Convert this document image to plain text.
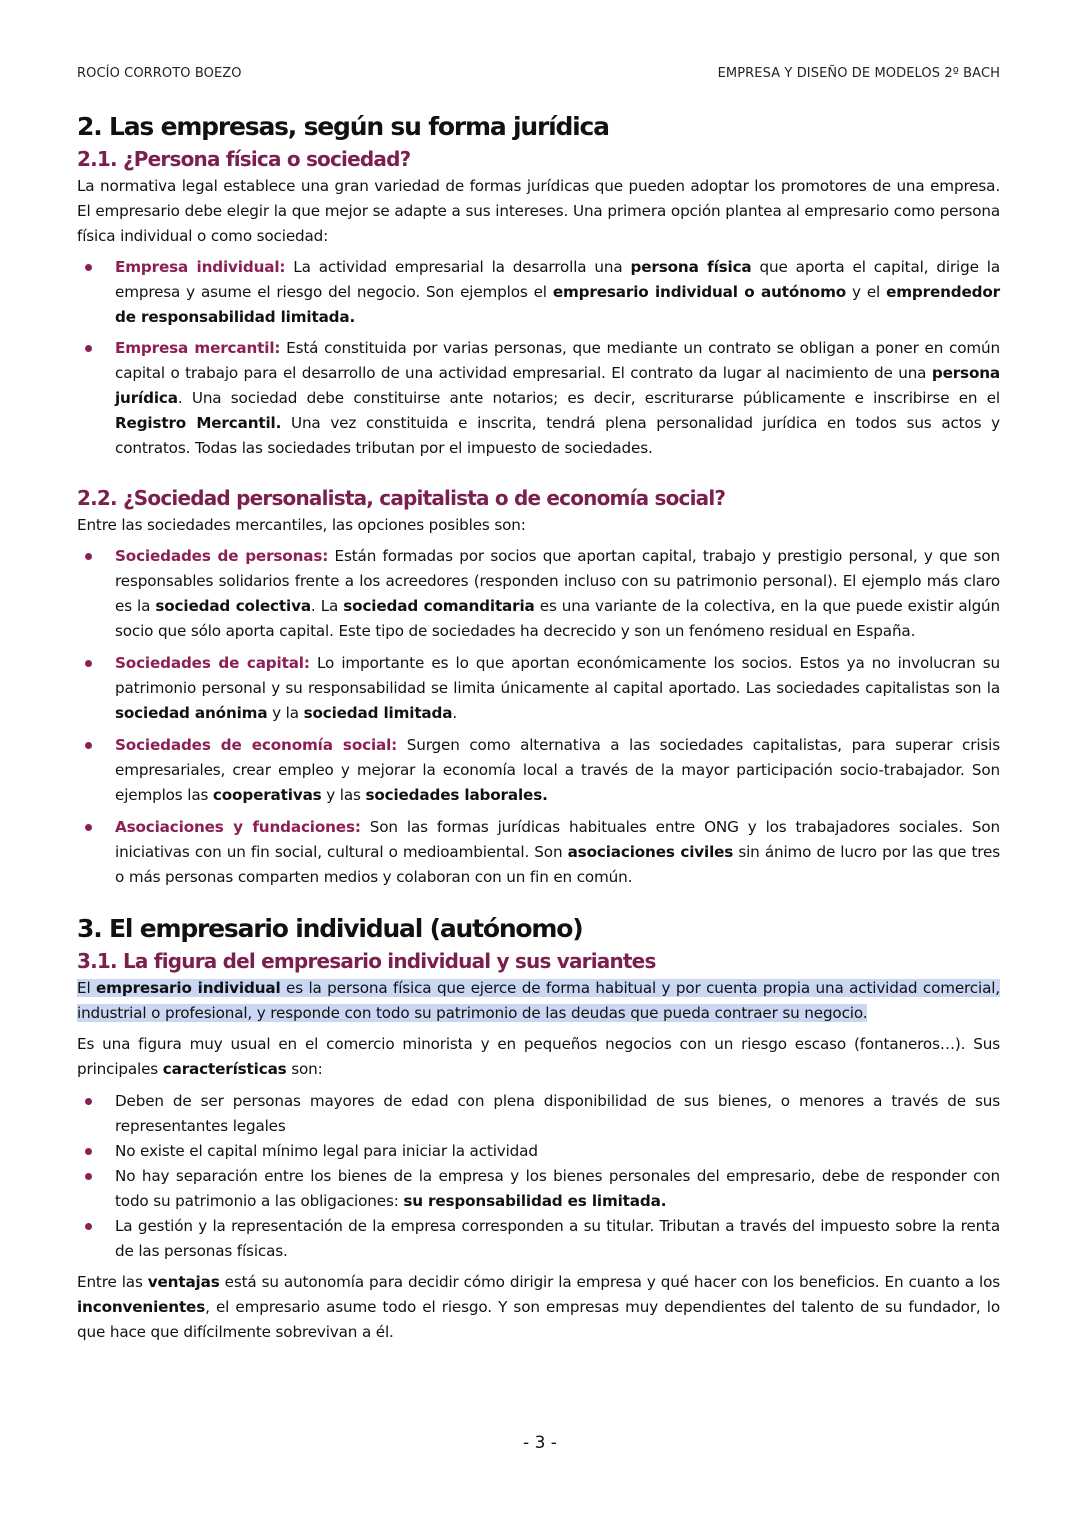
ROCÍO CORROTO BOEZO	EMPRESA Y DISEÑO DE MODELOS 2º BACH
2. Las empresas, según su forma jurídica
2.1. ¿Persona física o sociedad?

La normativa legal establece una gran variedad de formas jurídicas que pueden adoptar los promotores de una empresa. El empresario debe elegir la que mejor se adapte a sus intereses. Una primera opción plantea al empresario como persona física individual o como sociedad:

Empresa individual: La actividad empresarial la desarrolla una persona física que aporta el capital, dirige la empresa y asume el riesgo del negocio. Son ejemplos el empresario individual o autónomo y el emprendedor de responsabilidad limitada.
Empresa mercantil: Está constituida por varias personas, que mediante un contrato se obligan a poner en común capital o trabajo para el desarrollo de una actividad empresarial. El contrato da lugar al nacimiento de una persona jurídica. Una sociedad debe constituirse ante notarios; es decir, escriturarse públicamente e inscribirse en el Registro Mercantil. Una vez constituida e inscrita, tendrá plena personalidad jurídica en todos sus actos y contratos. Todas las sociedades tributan por el impuesto de sociedades.
2.2. ¿Sociedad personalista, capitalista o de economía social?

Entre las sociedades mercantiles, las opciones posibles son:

Sociedades de personas: Están formadas por socios que aportan capital, trabajo y prestigio personal, y que son responsables solidarios frente a los acreedores (responden incluso con su patrimonio personal). El ejemplo más claro es la sociedad colectiva. La sociedad comanditaria es una variante de la colectiva, en la que puede existir algún socio que sólo aporta capital. Este tipo de sociedades ha decrecido y son un fenómeno residual en España.
Sociedades de capital: Lo importante es lo que aportan económicamente los socios. Estos ya no involucran su patrimonio personal y su responsabilidad se limita únicamente al capital aportado. Las sociedades capitalistas son la sociedad anónima y la sociedad limitada.
Sociedades de economía social: Surgen como alternativa a las sociedades capitalistas, para superar crisis empresariales, crear empleo y mejorar la economía local a través de la mayor participación socio-trabajador. Son ejemplos las cooperativas y las sociedades laborales.
Asociaciones y fundaciones: Son las formas jurídicas habituales entre ONG y los trabajadores sociales. Son iniciativas con un fin social, cultural o medioambiental. Son asociaciones civiles sin ánimo de lucro por las que tres o más personas comparten medios y colaboran con un fin en común.
3. El empresario individual (autónomo)
3.1. La figura del empresario individual y sus variantes

El empresario individual es la persona física que ejerce de forma habitual y por cuenta propia una actividad comercial, industrial o profesional, y responde con todo su patrimonio de las deudas que pueda contraer su negocio.

Es una figura muy usual en el comercio minorista y en pequeños negocios con un riesgo escaso (fontaneros…). Sus principales características son:

Deben de ser personas mayores de edad con plena disponibilidad de sus bienes, o menores a través de sus representantes legales
No existe el capital mínimo legal para iniciar la actividad
No hay separación entre los bienes de la empresa y los bienes personales del empresario, debe de responder con todo su patrimonio a las obligaciones: su responsabilidad es limitada.
La gestión y la representación de la empresa corresponden a su titular. Tributan a través del impuesto sobre la renta de las personas físicas.

Entre las ventajas está su autonomía para decidir cómo dirigir la empresa y qué hacer con los beneficios. En cuanto a los inconvenientes, el empresario asume todo el riesgo. Y son empresas muy dependientes del talento de su fundador, lo que hace que difícilmente sobrevivan a él.

- 3 -
